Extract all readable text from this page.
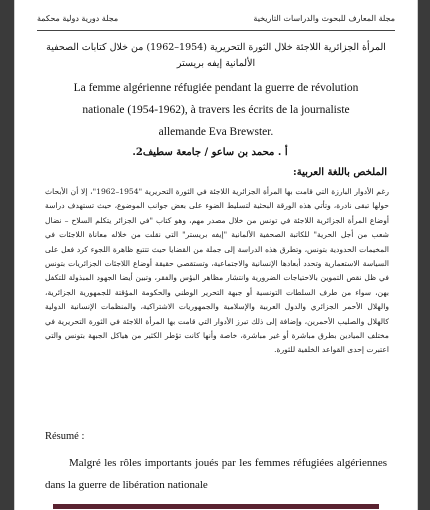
مجلة المعارف للبحوث والدراسات التاريخية
مجلة دورية دولية محكمة
المرأة الجزائرية اللاجئة خلال الثورة التحريرية (1954–1962) من خلال كتابات الصحفية الألمانية إيفه بريستر
La femme algérienne réfugiée pendant la guerre de révolution
nationale (1954-1962), à travers les écrits de la journaliste
allemande Eva Brewster.
أ . محمد بن ساعو / جامعة سطيف2.
الملخص باللغة العربية:

رغم الأدوار البارزة التي قامت بها المرأة الجزائرية اللاجئة في الثورة التحريرية "1954–1962"، إلا أن الأبحاث حولها تبقى نادرة، وتأتي هذه الورقة البحثية لتسليط الضوء على بعض جوانب الموضوع، حيث تستهدف دراسة أوضاع المرأة الجزائرية اللاجئة في تونس من خلال مصدر مهم، وهو كتاب "في الجزائر يتكلم السلاح – نضال شعب من أجل الحرية" للكاتبة الصحفية الألمانية "إيفه بريستر" التي نقلت من خلاله معاناة اللاجئات في المخيمات الحدودية بتونس، وتطرق هذه الدراسة إلى جملة من القضايا حيث تتتبع ظاهرة اللجوء كرد فعل على السياسة الاستعمارية وتحدد أبعادها الإنسانية والاجتماعية، وتستقصي حقيقة أوضاع اللاجئات الجزائريات بتونس في ظل نقص التموين بالاحتياجات الضرورية وانتشار مظاهر البؤس والفقر، وتبين أيضا الجهود المبذولة للتكفل بهن، سواء من طرف السلطات التونسية أو جبهة التحرير الوطني والحكومة المؤقتة للجمهورية الجزائرية، والهلال الأحمر الجزائري والدول العربية والإسلامية والجمهوريات الاشتراكية، والمنظمات الإنسانية الدولية كالهلال والصليب الأحمرين، وإضافة إلى ذلك تبرز الأدوار التي قامت بها المرأة اللاجئة في الثورة التحريرية في مختلف الميادين بطرق مباشرة أو غير مباشرة، خاصة وأنها كانت تؤطر الكثير من هياكل الجبهة بتونس والتي اعتبرت إحدى القواعد الخلفية للثورة.

Résumé :

Malgré les rôles importants joués par les femmes réfugiées algériennes dans la guerre de libération nationale
